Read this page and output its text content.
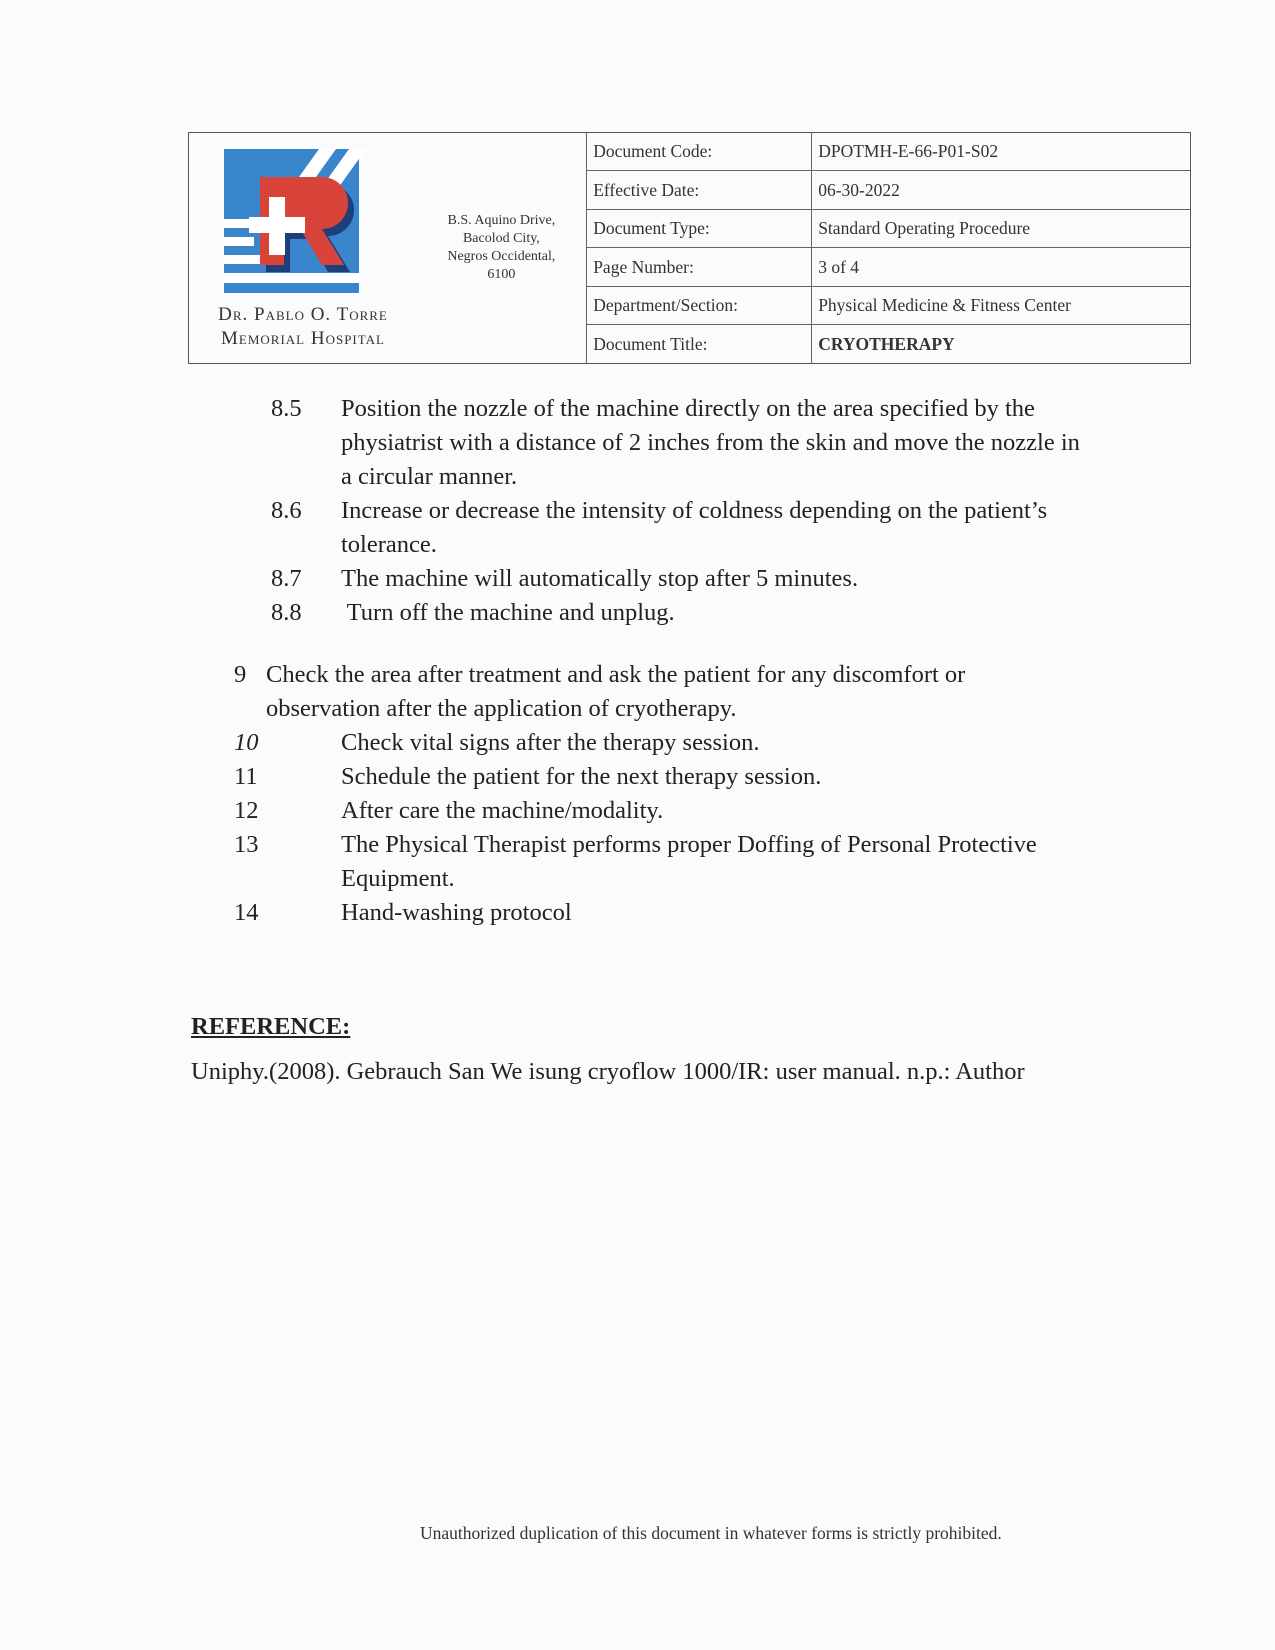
Dr. Pablo O. Torre
Memorial Hospital
B.S. Aquino Drive,
Bacolod City,
Negros Occidental,
6100
Document Code:	DPOTMH-E-66-P01-S02
Effective Date:	06-30-2022
Document Type:	Standard Operating Procedure
Page Number:	3 of 4
Department/Section:	Physical Medicine & Fitness Center
Document Title:	CRYOTHERAPY
8.5 Position the nozzle of the machine directly on the area specified by the
physiatrist with a distance of 2 inches from the skin and move the nozzle in
a circular manner.
8.6 Increase or decrease the intensity of coldness depending on the patient’s
tolerance.
8.7 The machine will automatically stop after 5 minutes.
8.8 Turn off the machine and unplug.
9 Check the area after treatment and ask the patient for any discomfort or
observation after the application of cryotherapy.
10	Check vital signs after the therapy session.
11	Schedule the patient for the next therapy session.
12	After care the machine/modality.
13	The Physical Therapist performs proper Doffing of Personal Protective
Equipment.
14	Hand-washing protocol
REFERENCE:
Uniphy.(2008). Gebrauch San We isung cryoflow 1000/IR: user manual. n.p.: Author
Unauthorized duplication of this document in whatever forms is strictly prohibited.
